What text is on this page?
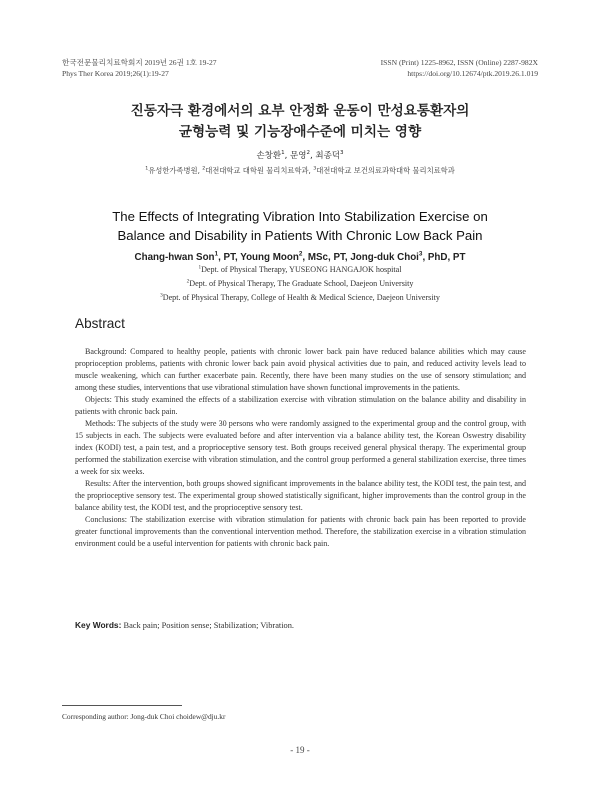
한국전문물리치료학회지 2019년 26권 1호 19-27
Phys Ther Korea 2019;26(1):19-27
ISSN (Print) 1225-8962, ISSN (Online) 2287-982X
https://doi.org/10.12674/ptk.2019.26.1.019
진동자극 환경에서의 요부 안정화 운동이 만성요통환자의
균형능력 및 기능장애수준에 미치는 영향
손창환$^1$, 문영$^2$, 최종덕$^3$
$^1$유성한가족병원, $^2$대전대학교 대학원 물리치료학과, $^3$대전대학교 보건의료과학대학 물리치료학과
The Effects of Integrating Vibration Into Stabilization Exercise on
Balance and Disability in Patients With Chronic Low Back Pain
Chang-hwan Son$^1$, PT, Young Moon$^2$, MSc, PT, Jong-duk Choi$^3$, PhD, PT
$^1$Dept. of Physical Therapy, YUSEONG HANGAJOK hospital
$^2$Dept. of Physical Therapy, The Graduate School, Daejeon University
$^3$Dept. of Physical Therapy, College of Health & Medical Science, Daejeon University
Abstract

Background: Compared to healthy people, patients with chronic lower back pain have reduced balance abilities which may cause proprioception problems, patients with chronic lower back pain avoid physical activities due to pain, and reduced activity levels lead to muscle weakening, which can further exacerbate pain. Recently, there have been many studies on the use of sensory stimulation; and among these studies, interventions that use vibrational stimulation have shown functional improvements in the patients.

Objects: This study examined the effects of a stabilization exercise with vibration stimulation on the balance ability and disability in patients with chronic back pain.

Methods: The subjects of the study were 30 persons who were randomly assigned to the experimental group and the control group, with 15 subjects in each. The subjects were evaluated before and after intervention via a balance ability test, the Korean Oswestry disability index (KODI) test, a pain test, and a proprioceptive sensory test. Both groups received general physical therapy. The experimental group performed the stabilization exercise with vibration stimulation, and the control group performed a general stabilization exercise, three times a week for six weeks.

Results: After the intervention, both groups showed significant improvements in the balance ability test, the KODI test, the pain test, and the proprioceptive sensory test. The experimental group showed statistically significant, higher improvements than the control group in the balance ability test, the KODI test, and the proprioceptive sensory test.

Conclusions: The stabilization exercise with vibration stimulation for patients with chronic back pain has been reported to provide greater functional improvements than the conventional intervention method. Therefore, the stabilization exercise in a vibration stimulation environment could be a useful intervention for patients with chronic back pain.

Key Words: Back pain; Position sense; Stabilization; Vibration.
Corresponding author: Jong-duk Choi choidew@dju.kr
- 19 -
